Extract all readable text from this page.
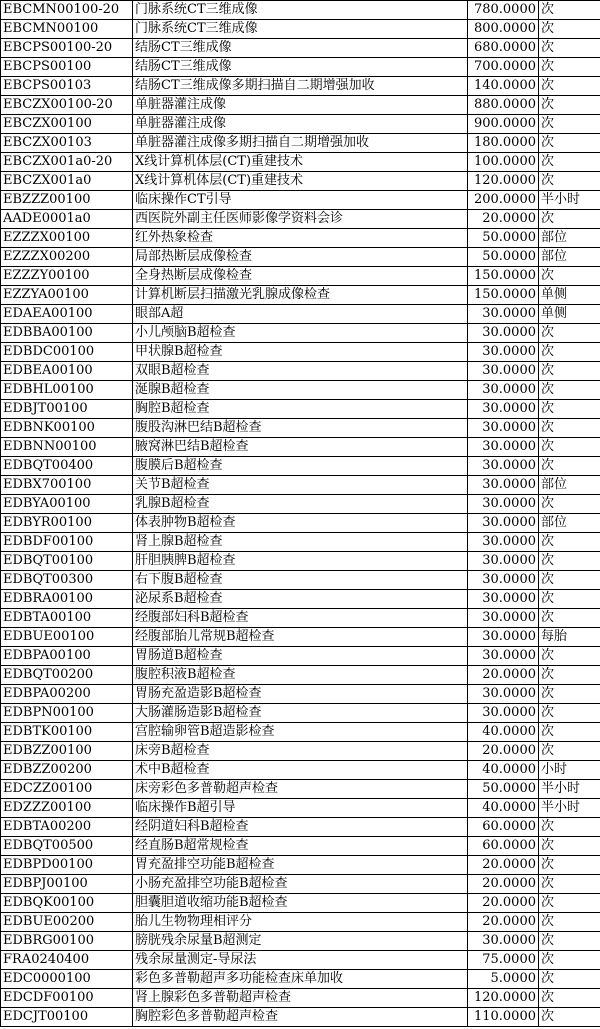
EBCMN00100-20	门脉系统CT三维成像	780.0000	次
EBCMN00100	门脉系统CT三维成像	800.0000	次
EBCPS00100-20	结肠CT三维成像	680.0000	次
EBCPS00100	结肠CT三维成像	700.0000	次
EBCPS00103	结肠CT三维成像多期扫描自二期增强加收	140.0000	次
EBCZX00100-20	单脏器灌注成像	880.0000	次
EBCZX00100	单脏器灌注成像	900.0000	次
EBCZX00103	单脏器灌注成像多期扫描自二期增强加收	180.0000	次
EBCZX001a0-20	X线计算机体层(CT)重建技术	100.0000	次
EBCZX001a0	X线计算机体层(CT)重建技术	120.0000	次
EBZZZ00100	临床操作CT引导	200.0000	半小时
AADE0001a0	西医院外副主任医师影像学资料会诊	20.0000	次
EZZZX00100	红外热象检查	50.0000	部位
EZZZX00200	局部热断层成像检查	50.0000	部位
EZZZY00100	全身热断层成像检查	150.0000	次
EZZYA00100	计算机断层扫描激光乳腺成像检查	150.0000	单侧
EDAEA00100	眼部A超	30.0000	单侧
EDBBA00100	小儿颅脑B超检查	30.0000	次
EDBDC00100	甲状腺B超检查	30.0000	次
EDBEA00100	双眼B超检查	30.0000	次
EDBHL00100	涎腺B超检查	30.0000	次
EDBJT00100	胸腔B超检查	30.0000	次
EDBNK00100	腹股沟淋巴结B超检查	30.0000	次
EDBNN00100	腋窝淋巴结B超检查	30.0000	次
EDBQT00400	腹膜后B超检查	30.0000	次
EDBX700100	关节B超检查	30.0000	部位
EDBYA00100	乳腺B超检查	30.0000	次
EDBYR00100	体表肿物B超检查	30.0000	部位
EDBDF00100	肾上腺B超检查	30.0000	次
EDBQT00100	肝胆胰脾B超检查	30.0000	次
EDBQT00300	右下腹B超检查	30.0000	次
EDBRA00100	泌尿系B超检查	30.0000	次
EDBTA00100	经腹部妇科B超检查	30.0000	次
EDBUE00100	经腹部胎儿常规B超检查	30.0000	每胎
EDBPA00100	胃肠道B超检查	30.0000	次
EDBQT00200	腹腔积液B超检查	20.0000	次
EDBPA00200	胃肠充盈造影B超检查	30.0000	次
EDBPN00100	大肠灌肠造影B超检查	30.0000	次
EDBTK00100	宫腔输卵管B超造影检查	40.0000	次
EDBZZ00100	床旁B超检查	20.0000	次
EDBZZ00200	术中B超检查	40.0000	小时
EDCZZ00100	床旁彩色多普勒超声检查	50.0000	半小时
EDZZZ00100	临床操作B超引导	40.0000	半小时
EDBTA00200	经阴道妇科B超检查	60.0000	次
EDBQT00500	经直肠B超常规检查	60.0000	次
EDBPD00100	胃充盈排空功能B超检查	20.0000	次
EDBPJ00100	小肠充盈排空功能B超检查	20.0000	次
EDBQK00100	胆囊胆道收缩功能B超检查	20.0000	次
EDBUE00200	胎儿生物物理相评分	20.0000	次
EDBRG00100	膀胱残余尿量B超测定	30.0000	次
FRA0240400	残余尿量测定-导尿法	75.0000	次
EDC0000100	彩色多普勒超声多功能检查床单加收	5.0000	次
EDCDF00100	肾上腺彩色多普勒超声检查	120.0000	次
EDCJT00100	胸腔彩色多普勒超声检查	110.0000	次
